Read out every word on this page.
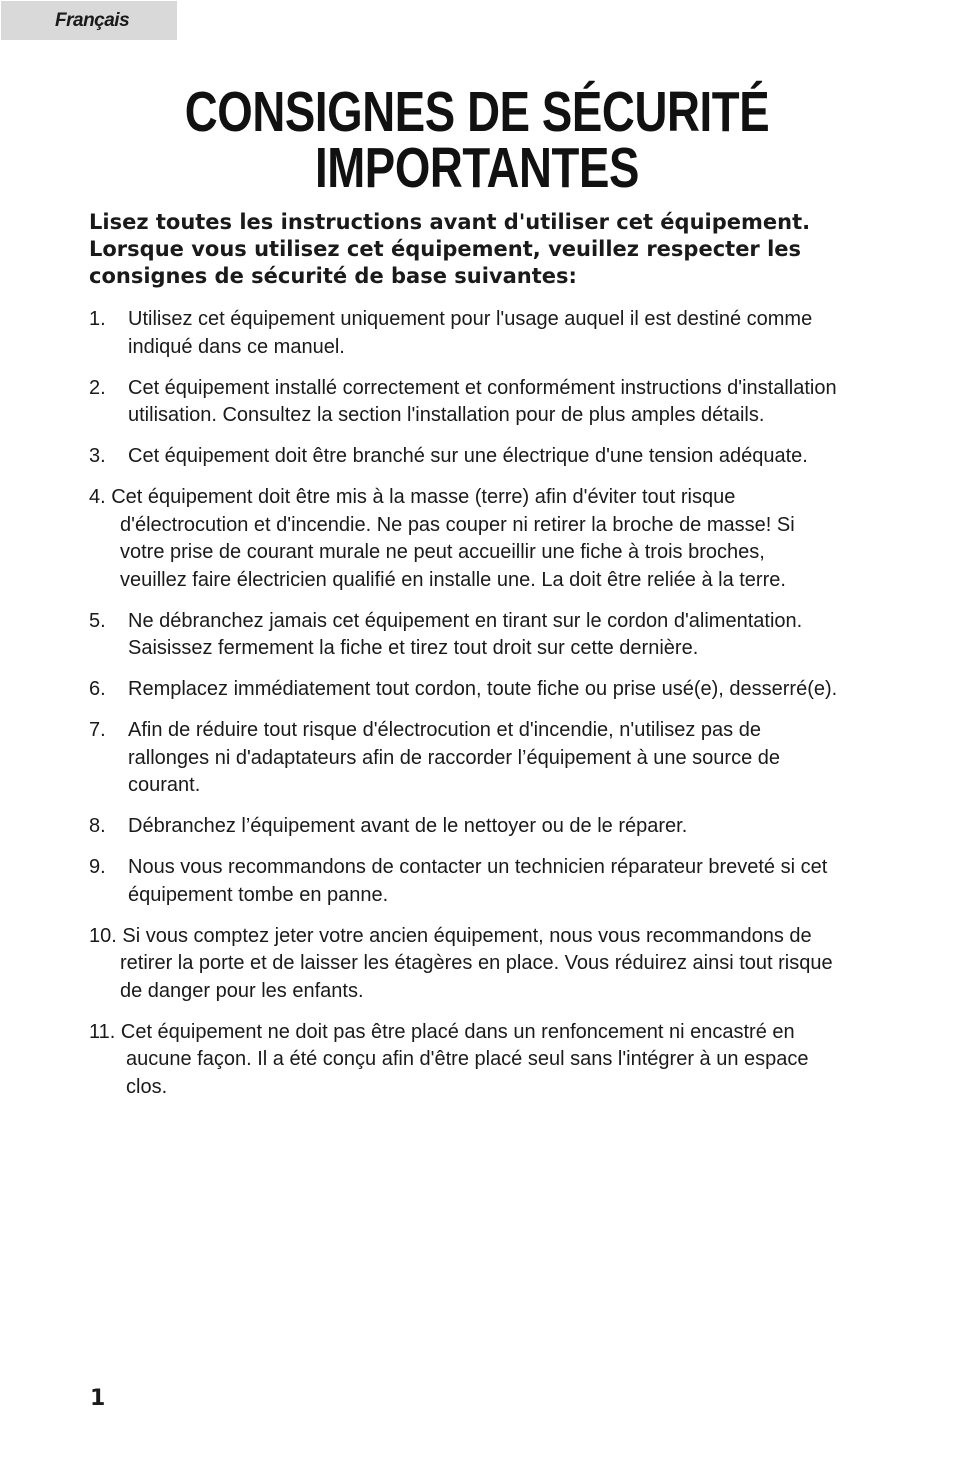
Français
CONSIGNES DE SÉCURITÉ
IMPORTANTES
Lisez toutes les instructions avant d'utiliser cet équipement.
Lorsque vous utilisez cet équipement, veuillez respecter les
consignes de sécurité de base suivantes:
1.	Utilisez cet équipement uniquement pour l'usage auquel il est destiné comme
indiqué dans ce manuel.
2.	Cet équipement installé correctement et conformément instructions d'installation
utilisation. Consultez la section l'installation pour de plus amples détails.
3.	Cet équipement doit être branché sur une électrique d'une tension adéquate.
4. Cet équipement doit être mis à la masse (terre) afin d'éviter tout risque
d'électrocution et d'incendie. Ne pas couper ni retirer la broche de masse! Si
votre prise de courant murale ne peut accueillir une fiche à trois broches,
veuillez faire électricien qualifié en installe une. La doit être reliée à la terre.
5.	Ne débranchez jamais cet équipement en tirant sur le cordon d'alimentation.
Saisissez fermement la fiche et tirez tout droit sur cette dernière.
6.	Remplacez immédiatement tout cordon, toute fiche ou prise usé(e), desserré(e).
7.	Afin de réduire tout risque d'électrocution et d'incendie, n'utilisez pas de
rallonges ni d'adaptateurs afin de raccorder l’équipement à une source de
courant.
8.	Débranchez l’équipement avant de le nettoyer ou de le réparer.
9.	Nous vous recommandons de contacter un technicien réparateur breveté si cet
équipement tombe en panne.
10. Si vous comptez jeter votre ancien équipement, nous vous recommandons de
retirer la porte et de laisser les étagères en place. Vous réduirez ainsi tout risque
de danger pour les enfants.
11. Cet équipement ne doit pas être placé dans un renfoncement ni encastré en
aucune façon. Il a été conçu afin d'être placé seul sans l'intégrer à un espace
clos.
1
